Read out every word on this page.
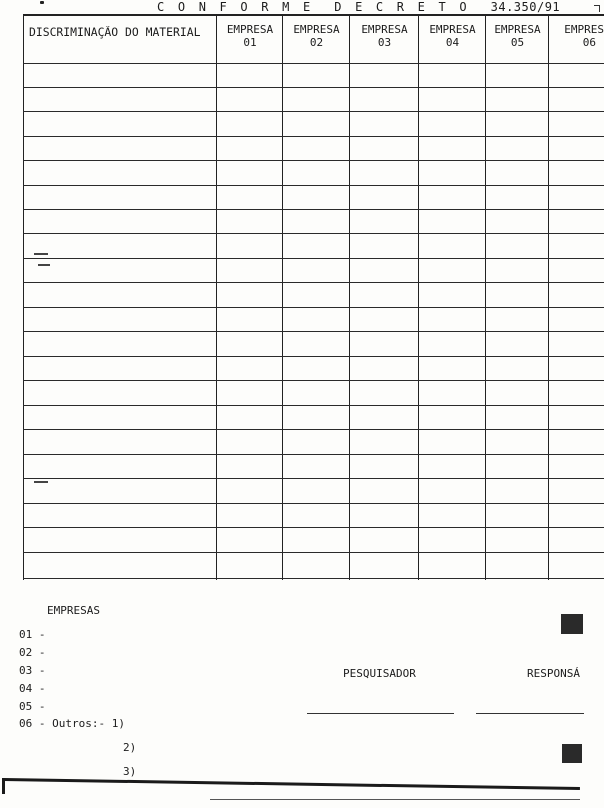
C O N F O R M E D E C R E T O 34.350/91
DISCRIMINAÇÃO DO MATERIAL	EMPRESA
01
EMPRESA
02
EMPRESA
03
EMPRESA
04
EMPRESA
05
EMPRES
06
EMPRESAS
01 -
02 -
03 -
04 -
05 -
06 - Outros:- 1)
2)
3)
PESQUISADOR	RESPONSÁ
